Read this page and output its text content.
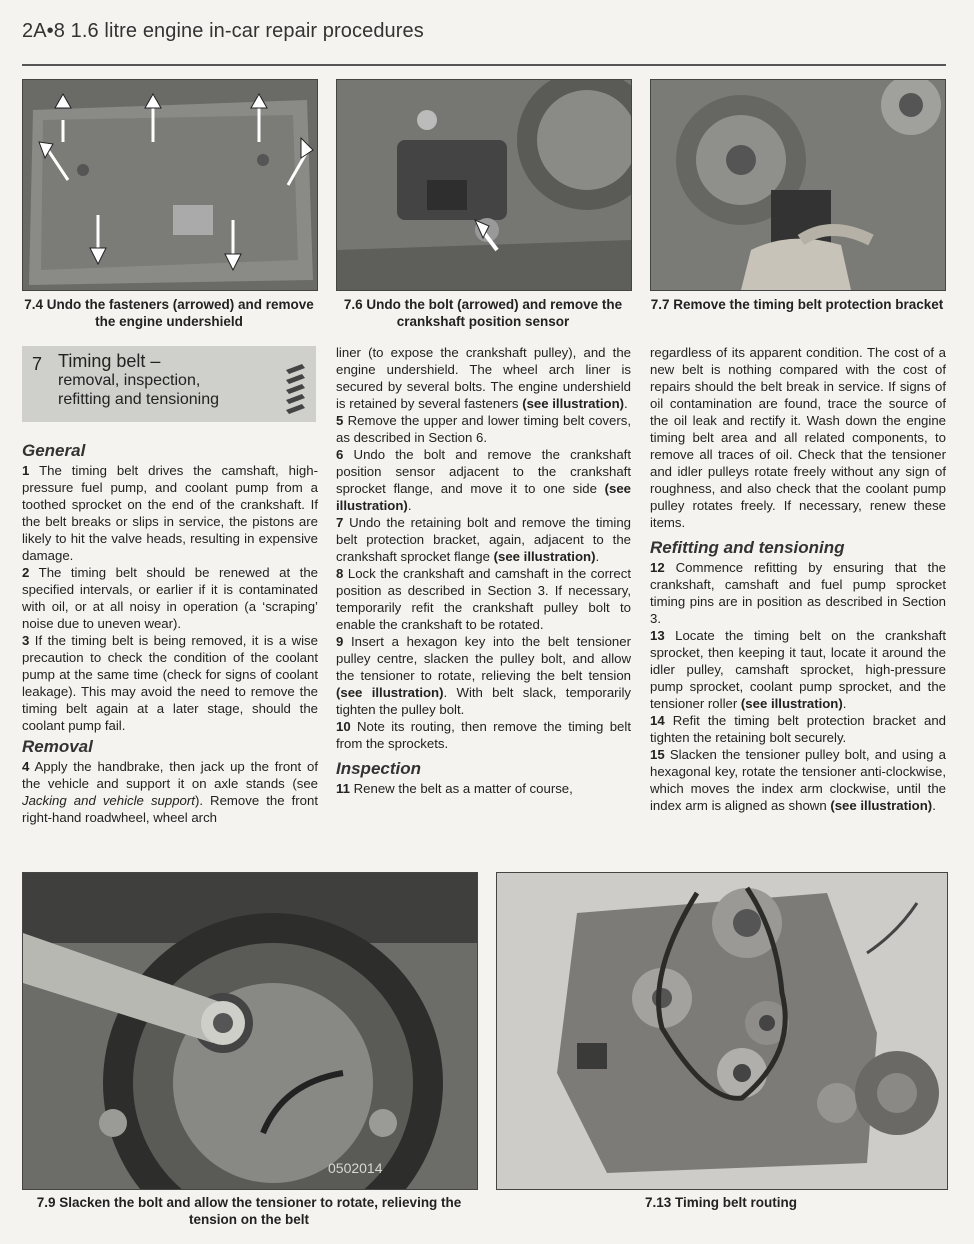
2A•8 1.6 litre engine in-car repair procedures
7.4 Undo the fasteners (arrowed) and remove the engine undershield
7.6 Undo the bolt (arrowed) and remove the crankshaft position sensor
7.7 Remove the timing belt protection bracket
7 Timing belt –
removal, inspection,
refitting and tensioning

General

1 The timing belt drives the camshaft, high-pressure fuel pump, and coolant pump from a toothed sprocket on the end of the crankshaft. If the belt breaks or slips in service, the pistons are likely to hit the valve heads, resulting in expensive damage.

2 The timing belt should be renewed at the specified intervals, or earlier if it is contaminated with oil, or at all noisy in operation (a ‘scraping’ noise due to uneven wear).

3 If the timing belt is being removed, it is a wise precaution to check the condition of the coolant pump at the same time (check for signs of coolant leakage). This may avoid the need to remove the timing belt again at a later stage, should the coolant pump fail.

Removal

4 Apply the handbrake, then jack up the front of the vehicle and support it on axle stands (see Jacking and vehicle support). Remove the front right-hand roadwheel, wheel arch

liner (to expose the crankshaft pulley), and the engine undershield. The wheel arch liner is secured by several bolts. The engine undershield is retained by several fasteners (see illustration).

5 Remove the upper and lower timing belt covers, as described in Section 6.

6 Undo the bolt and remove the crankshaft position sensor adjacent to the crankshaft sprocket flange, and move it to one side (see illustration).

7 Undo the retaining bolt and remove the timing belt protection bracket, again, adjacent to the crankshaft sprocket flange (see illustration).

8 Lock the crankshaft and camshaft in the correct position as described in Section 3. If necessary, temporarily refit the crankshaft pulley bolt to enable the crankshaft to be rotated.

9 Insert a hexagon key into the belt tensioner pulley centre, slacken the pulley bolt, and allow the tensioner to rotate, relieving the belt tension (see illustration). With belt slack, temporarily tighten the pulley bolt.

10 Note its routing, then remove the timing belt from the sprockets.

Inspection

11 Renew the belt as a matter of course,

regardless of its apparent condition. The cost of a new belt is nothing compared with the cost of repairs should the belt break in service. If signs of oil contamination are found, trace the source of the oil leak and rectify it. Wash down the engine timing belt area and all related components, to remove all traces of oil. Check that the tensioner and idler pulleys rotate freely without any sign of roughness, and also check that the coolant pump pulley rotates freely. If necessary, renew these items.

Refitting and tensioning

12 Commence refitting by ensuring that the crankshaft, camshaft and fuel pump sprocket timing pins are in position as described in Section 3.

13 Locate the timing belt on the crankshaft sprocket, then keeping it taut, locate it around the idler pulley, camshaft sprocket, high-pressure pump sprocket, coolant pump sprocket, and the tensioner roller (see illustration).

14 Refit the timing belt protection bracket and tighten the retaining bolt securely.

15 Slacken the tensioner pulley bolt, and using a hexagonal key, rotate the tensioner anti-clockwise, which moves the index arm clockwise, until the index arm is aligned as shown (see illustration).

0502014
7.9 Slacken the bolt and allow the tensioner to rotate, relieving the tension on the belt
7.13 Timing belt routing
